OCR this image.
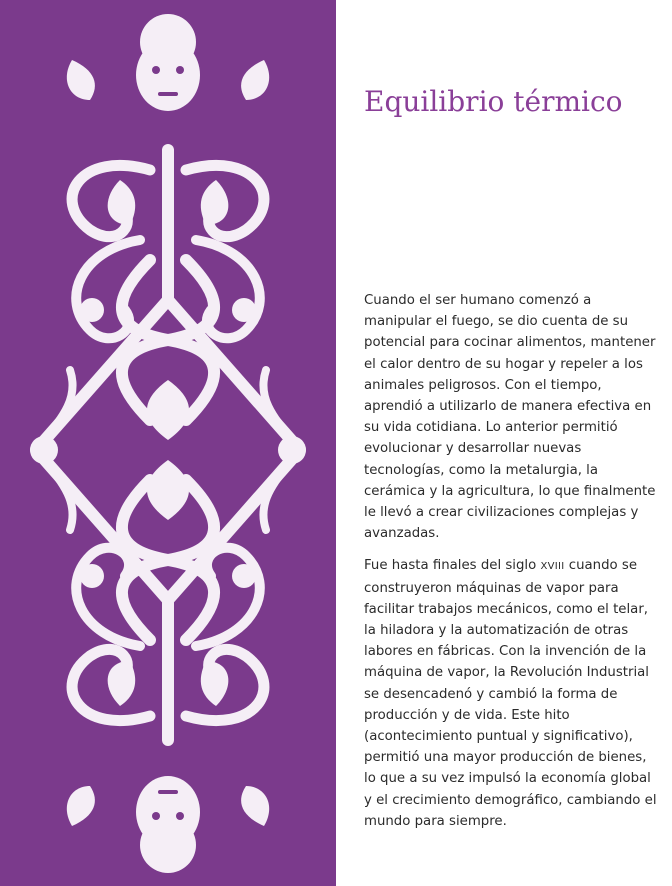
Equilibrio térmico

Cuando el ser humano comenzó a manipular el fuego, se dio cuenta de su potencial para cocinar alimentos, mantener el calor dentro de su hogar y repeler a los animales peligrosos. Con el tiempo, aprendió a utilizarlo de manera efectiva en su vida cotidiana. Lo anterior permitió evolucionar y desarrollar nuevas tecnologías, como la metalurgia, la cerámica y la agricultura, lo que finalmente le llevó a crear civilizaciones complejas y avanzadas.

Fue hasta finales del siglo XVIII cuando se construyeron máquinas de vapor para facilitar trabajos mecánicos, como el telar, la hiladora y la automatización de otras labores en fábricas. Con la invención de la máquina de vapor, la Revolución Industrial se desencadenó y cambió la forma de producción y de vida. Este hito (acontecimiento puntual y significativo), permitió una mayor producción de bienes, lo que a su vez impulsó la economía global y el crecimiento demográfico, cambiando el mundo para siempre.
